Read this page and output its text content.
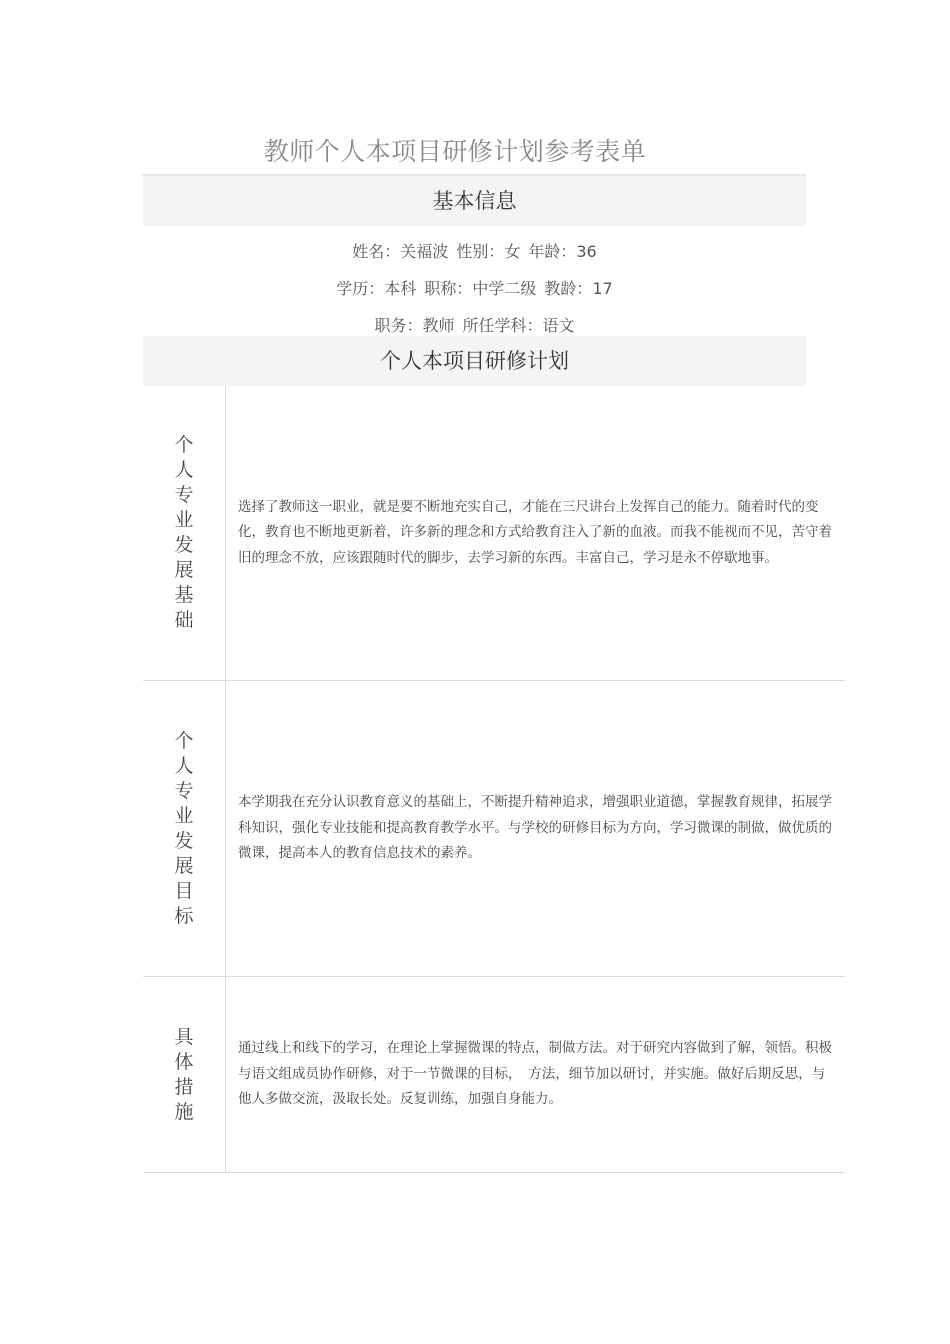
教师个人本项目研修计划参考表单
基本信息
姓名：关福波 性别：女 年龄：36
学历：本科 职称：中学二级 教龄：17
职务：教师 所任学科：语文
个人本项目研修计划
个人专业发展基础
选择了教师这一职业，就是要不断地充实自己，才能在三尺讲台上发挥自己的能力。随着时代的变化，教育也不断地更新着，许多新的理念和方式给教育注入了新的血液。而我不能视而不见，苦守着旧的理念不放，应该跟随时代的脚步，去学习新的东西。丰富自己，学习是永不停歇地事。
个人专业发展目标
本学期我在充分认识教育意义的基础上，不断提升精神追求，增强职业道德，掌握教育规律，拓展学科知识，强化专业技能和提高教育教学水平。与学校的研修目标为方向，学习微课的制做，做优质的微课，提高本人的教育信息技术的素养。
具体措施
通过线上和线下的学习，在理论上掌握微课的特点，制做方法。对于研究内容做到了解，领悟。积极与语文组成员协作研修，对于一节微课的目标，　方法，细节加以研讨，并实施。做好后期反思，与他人多做交流，汲取长处。反复训练，加强自身能力。
